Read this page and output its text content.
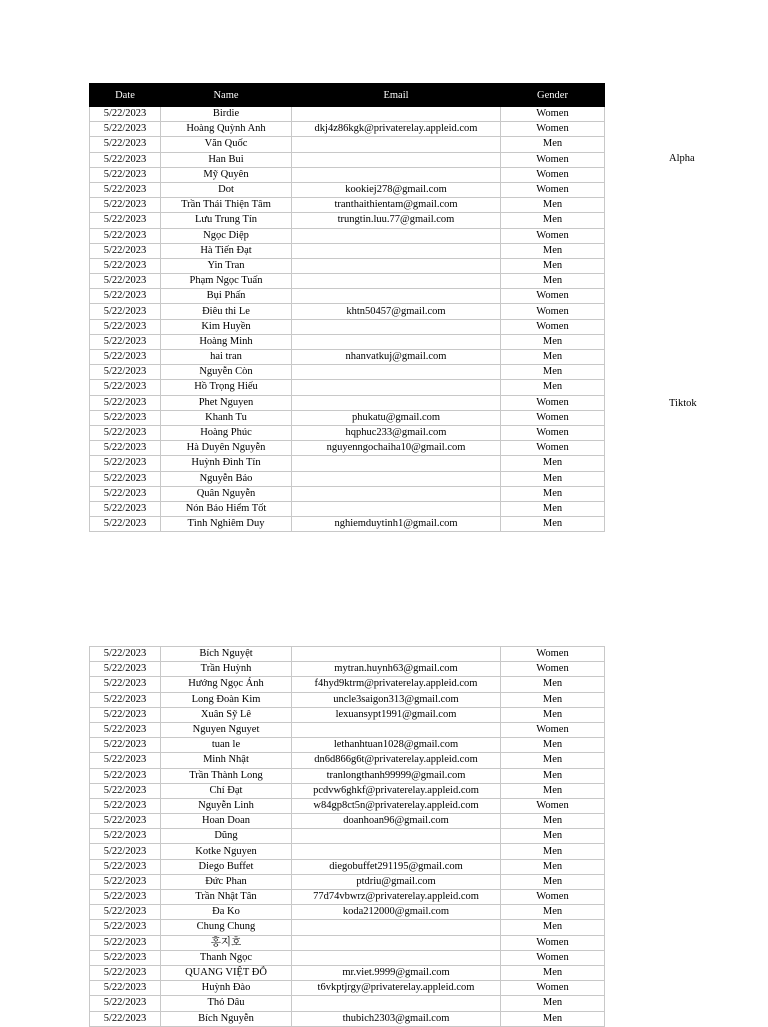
Date	Name	Email	Gender
5/22/2023	Birdie		Women
5/22/2023	Hoàng Quỳnh Anh	dkj4z86kgk@privaterelay.appleid.com	Women
5/22/2023	Văn Quốc		Men
5/22/2023	Han Bui		Women
5/22/2023	Mỹ Quyên		Women
5/22/2023	Dot	kookiej278@gmail.com	Women
5/22/2023	Trần Thái Thiện Tâm	tranthaithientam@gmail.com	Men
5/22/2023	Lưu Trung Tín	trungtin.luu.77@gmail.com	Men
5/22/2023	Ngọc Diệp		Women
5/22/2023	Hà Tiến Đạt		Men
5/22/2023	Yin Tran		Men
5/22/2023	Phạm Ngọc Tuấn		Men
5/22/2023	Bụi Phấn		Women
5/22/2023	Điêu thi Le	khtn50457@gmail.com	Women
5/22/2023	Kim Huyền		Women
5/22/2023	Hoàng Minh		Men
5/22/2023	hai tran	nhanvatkuj@gmail.com	Men
5/22/2023	Nguyễn Còn		Men
5/22/2023	Hồ Trọng Hiếu		Men
5/22/2023	Phet Nguyen		Women
5/22/2023	Khanh Tu	phukatu@gmail.com	Women
5/22/2023	Hoàng Phúc	hqphuc233@gmail.com	Women
5/22/2023	Hà Duyên Nguyễn	nguyenngochaiha10@gmail.com	Women
5/22/2023	Huỳnh Đình Tín		Men
5/22/2023	Nguyễn Bảo		Men
5/22/2023	Quân Nguyễn		Men
5/22/2023	Nón Bảo Hiểm Tốt		Men
5/22/2023	Tình Nghiêm Duy	nghiemduytinh1@gmail.com	Men
Alpha
Tiktok
5/22/2023	Bích Nguyệt		Women
5/22/2023	Trần Huỳnh	mytran.huynh63@gmail.com	Women
5/22/2023	Hướng Ngọc Ánh	f4hyd9ktrm@privaterelay.appleid.com	Men
5/22/2023	Long Đoàn Kim	uncle3saigon313@gmail.com	Men
5/22/2023	Xuân Sỹ Lê	lexuansypt1991@gmail.com	Men
5/22/2023	Nguyen Nguyet		Women
5/22/2023	tuan le	lethanhtuan1028@gmail.com	Men
5/22/2023	Minh Nhật	dn6d866g6t@privaterelay.appleid.com	Men
5/22/2023	Trần Thành Long	tranlongthanh99999@gmail.com	Men
5/22/2023	Chí Đạt	pcdvw6ghkf@privaterelay.appleid.com	Men
5/22/2023	Nguyễn Linh	w84gp8ct5n@privaterelay.appleid.com	Women
5/22/2023	Hoan Doan	doanhoan96@gmail.com	Men
5/22/2023	Dũng		Men
5/22/2023	Kotke Nguyen		Men
5/22/2023	Diego Buffet	diegobuffet291195@gmail.com	Men
5/22/2023	Đức Phan	ptdriu@gmail.com	Men
5/22/2023	Trần Nhật Tân	77d74vbwrz@privaterelay.appleid.com	Women
5/22/2023	Đa Ko	koda212000@gmail.com	Men
5/22/2023	Chung Chung		Men
5/22/2023	홍지호		Women
5/22/2023	Thanh Ngọc		Women
5/22/2023	QUANG VIỆT ĐỖ	mr.viet.9999@gmail.com	Men
5/22/2023	Huỳnh Đào	t6vkptjrgy@privaterelay.appleid.com	Women
5/22/2023	Thỏ Dâu		Men
5/22/2023	Bích Nguyễn	thubich2303@gmail.com	Men
